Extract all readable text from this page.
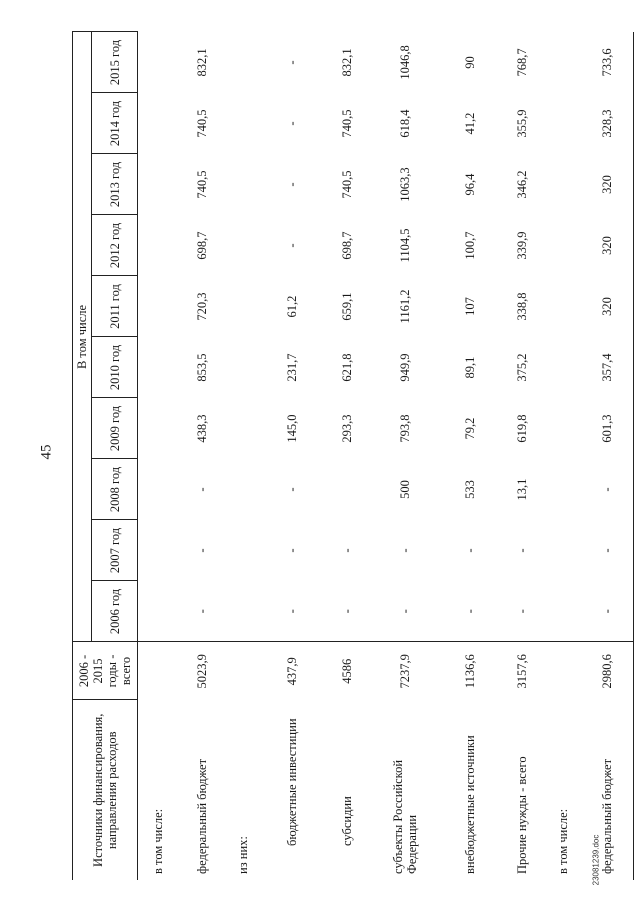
45
Источники финансирования, направления расходов	2006 - 2015 годы - всего	В том числе									
		2006 год	2007 год	2008 год	2009 год	2010 год	2011 год	2012 год	2013 год	2014 год	2015 год
в том числе:											
федеральный бюджет	5023,9	-	-	-	438,3	853,5	720,3	698,7	740,5	740,5	832,1
из них:											
бюджетные инвестиции	437,9	-	-	-	145,0	231,7	61,2	-	-	-	-
субсидии	4586	-	-		293,3	621,8	659,1	698,7	740,5	740,5	832,1
субъекты Российской Федерации	7237,9	-	-	500	793,8	949,9	1161,2	1104,5	1063,3	618,4	1046,8
внебюджетные источники	1136,6	-	-	533	79,2	89,1	107	100,7	96,4	41,2	90
Прочие нужды - всего	3157,6	-	-	13,1	619,8	375,2	338,8	339,9	346,2	355,9	768,7
в том числе:											
федеральный бюджет	2980,6	-	-	-	601,3	357,4	320	320	320	328,3	733,6
23081239.doc
